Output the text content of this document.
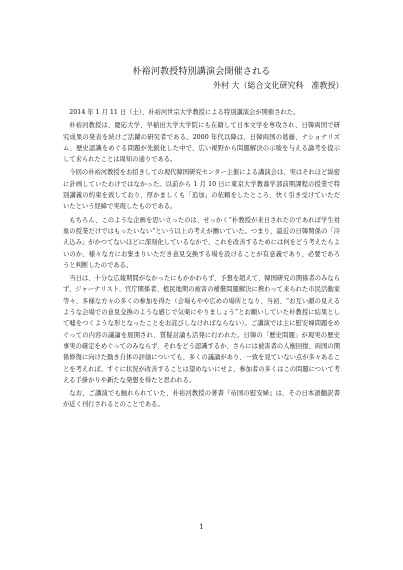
朴裕河教授特別講演会開催される
外村 大（総合文化研究科　准教授）

2014 年 1 月 11 日（土）、朴裕河世宗大学教授による特別講演会が開催された。

朴裕河教授は、慶応大学、早稲田大学大学院にも在籍して日本文学を専攻され、日韓両国で研究成果の発表を続けご活躍の研究者である。2000 年代以降は、日韓両国の葛藤、ナショナリズム、歴史認識をめぐる問題が先鋭化した中で、広い視野から問題解決の示唆を与える論考を提示して来られたことは周知の通りである。

今回の朴裕河教授をお招きしての現代韓国研究センター主催による講演会は、実はそれほど綿密に計画していたわけではなかった。以前から 1 月 10 日に東京大学教養学部前期課程の授業で特別講義の約束を致しており、厚かましくも「追加」の依頼をしたところ、快く引き受けていただいたという経緯で実現したものである。

もちろん、このような企画を思い立ったのは、せっかく“朴教授が来日されたのであれば学生対象の授業だけではもったいない”という以上の考えが働いていた。つまり、最近の日韓関係の「冷え込み」がかつてないほどに深刻化しているなかで、これを改善するためには何をどう考えたらよいのか、様々な方にお集まりいただき意見交換する場を設けることが有意義であり、必要であろうと判断したのである。

当日は、十分な広報期間がなかったにもかかわらず、予想を超えて、韓国研究の関係者のみならず、ジャーナリスト、官庁関係者、植民地期の被害の補償問題解決に携わって来られた市民活動家等々、多様な方々の多くの参加を得た（会場もやや広めの場所となり、当初、“お互い顔の見えるような会場での意見交換のような感じで気楽にやりましょう”とお願いしていた朴教授に結果として嘘をつくような形となったことをお詫びしなければならない）。ご講演では主に慰安婦問題をめぐっての内容の議論を展開され、質疑討論も活発に行われた。日韓の「歴史問題」が現実の歴史事実の確定をめぐってのみならず、それをどう認識するか、さらには被害者の人権回復、両国の関係修復に向けた動き自体の評価についても、多くの議論があり、一致を見ていない点が多々あることを考えれば、すぐに状況が改善することは望めないにせよ、参加者の多くはこの問題について考える手掛かりや新たな発想を得たと思われる。

なお、ご講演でも触れられていた、朴裕河教授の著書『帝国の慰安婦』は、その日本語翻訳書が近く刊行されるとのことである。

1
